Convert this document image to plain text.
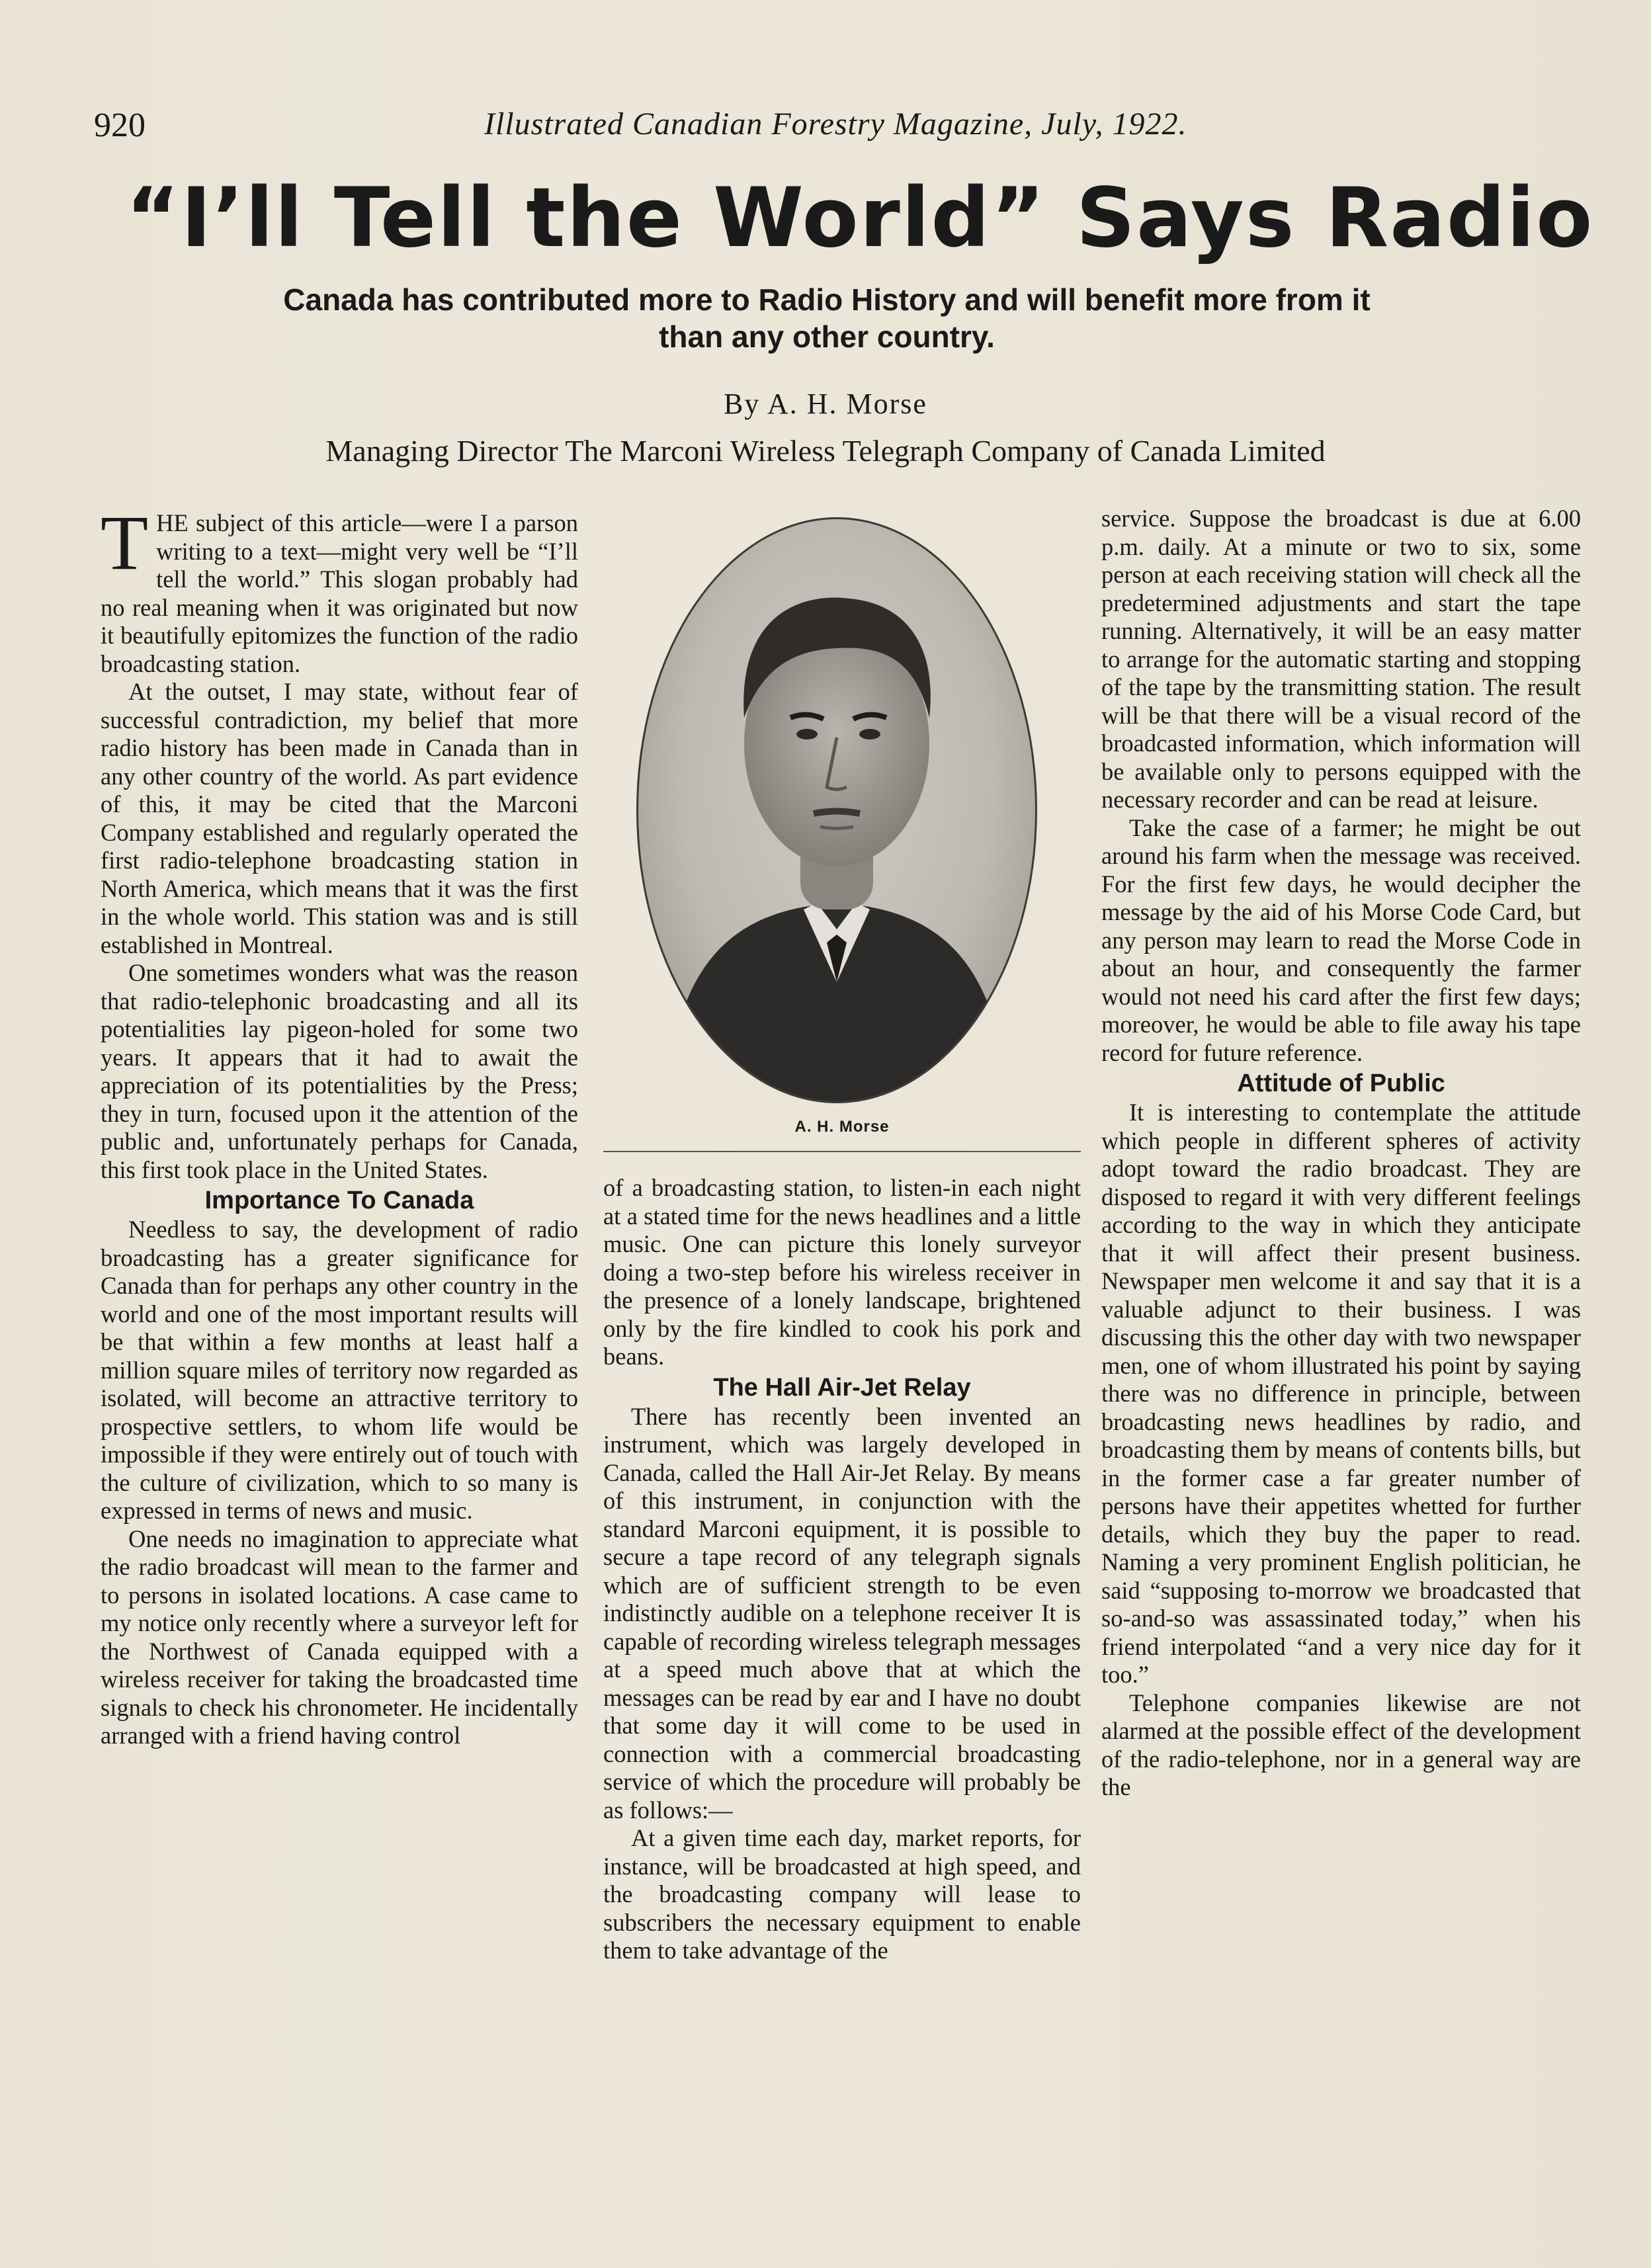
920	Illustrated Canadian Forestry Magazine, July, 1922.
“I’ll Tell the World” Says Radio
Canada has contributed more to Radio History and will benefit more from it
than any other country.
By A. H. Morse
Managing Director The Marconi Wireless Telegraph Company of Canada Limited

THE subject of this article—were I a parson writing to a text—might very well be “I’ll tell the world.” This slogan probably had no real meaning when it was originated but now it beautifully epitomizes the function of the radio broadcasting station.

At the outset, I may state, without fear of successful contradiction, my belief that more radio history has been made in Canada than in any other country of the world. As part evidence of this, it may be cited that the Marconi Company established and regularly operated the first radio-telephone broadcasting station in North America, which means that it was the first in the whole world. This station was and is still established in Montreal.

One sometimes wonders what was the reason that radio-telephonic broadcasting and all its potentialities lay pigeon-holed for some two years. It appears that it had to await the appreciation of its potentialities by the Press; they in turn, focused upon it the attention of the public and, unfortunately perhaps for Canada, this first took place in the United States.

Importance To Canada

Needless to say, the development of radio broadcasting has a greater significance for Canada than for perhaps any other country in the world and one of the most important results will be that within a few months at least half a million square miles of territory now regarded as isolated, will become an attractive territory to prospective settlers, to whom life would be impossible if they were entirely out of touch with the culture of civilization, which to so many is expressed in terms of news and music.

One needs no imagination to appreciate what the radio broadcast will mean to the farmer and to persons in isolated locations. A case came to my notice only recently where a surveyor left for the Northwest of Canada equipped with a wireless receiver for taking the broadcasted time signals to check his chronometer. He incidentally arranged with a friend having control

A. H. Morse

of a broadcasting station, to listen-in each night at a stated time for the news headlines and a little music. One can picture this lonely surveyor doing a two-step before his wireless receiver in the presence of a lonely landscape, brightened only by the fire kindled to cook his pork and beans.

The Hall Air-Jet Relay

There has recently been invented an instrument, which was largely developed in Canada, called the Hall Air-Jet Relay. By means of this instrument, in conjunction with the standard Marconi equipment, it is possible to secure a tape record of any telegraph signals which are of sufficient strength to be even indistinctly audible on a telephone receiver It is capable of recording wireless telegraph messages at a speed much above that at which the messages can be read by ear and I have no doubt that some day it will come to be used in connection with a commercial broadcasting service of which the procedure will probably be as follows:—

At a given time each day, market reports, for instance, will be broadcasted at high speed, and the broadcasting company will lease to subscribers the necessary equipment to enable them to take advantage of the

service. Suppose the broadcast is due at 6.00 p.m. daily. At a minute or two to six, some person at each receiving station will check all the predetermined adjustments and start the tape running. Alternatively, it will be an easy matter to arrange for the automatic starting and stopping of the tape by the transmitting station. The result will be that there will be a visual record of the broadcasted information, which information will be available only to persons equipped with the necessary recorder and can be read at leisure.

Take the case of a farmer; he might be out around his farm when the message was received. For the first few days, he would decipher the message by the aid of his Morse Code Card, but any person may learn to read the Morse Code in about an hour, and consequently the farmer would not need his card after the first few days; moreover, he would be able to file away his tape record for future reference.

Attitude of Public

It is interesting to contemplate the attitude which people in different spheres of activity adopt toward the radio broadcast. They are disposed to regard it with very different feelings according to the way in which they anticipate that it will affect their present business. Newspaper men welcome it and say that it is a valuable adjunct to their business. I was discussing this the other day with two newspaper men, one of whom illustrated his point by saying there was no difference in principle, between broadcasting news headlines by radio, and broadcasting them by means of contents bills, but in the former case a far greater number of persons have their appetites whetted for further details, which they buy the paper to read. Naming a very prominent English politician, he said “supposing to-morrow we broadcasted that so-and-so was assassinated today,” when his friend interpolated “and a very nice day for it too.”

Telephone companies likewise are not alarmed at the possible effect of the development of the radio-telephone, nor in a general way are the
